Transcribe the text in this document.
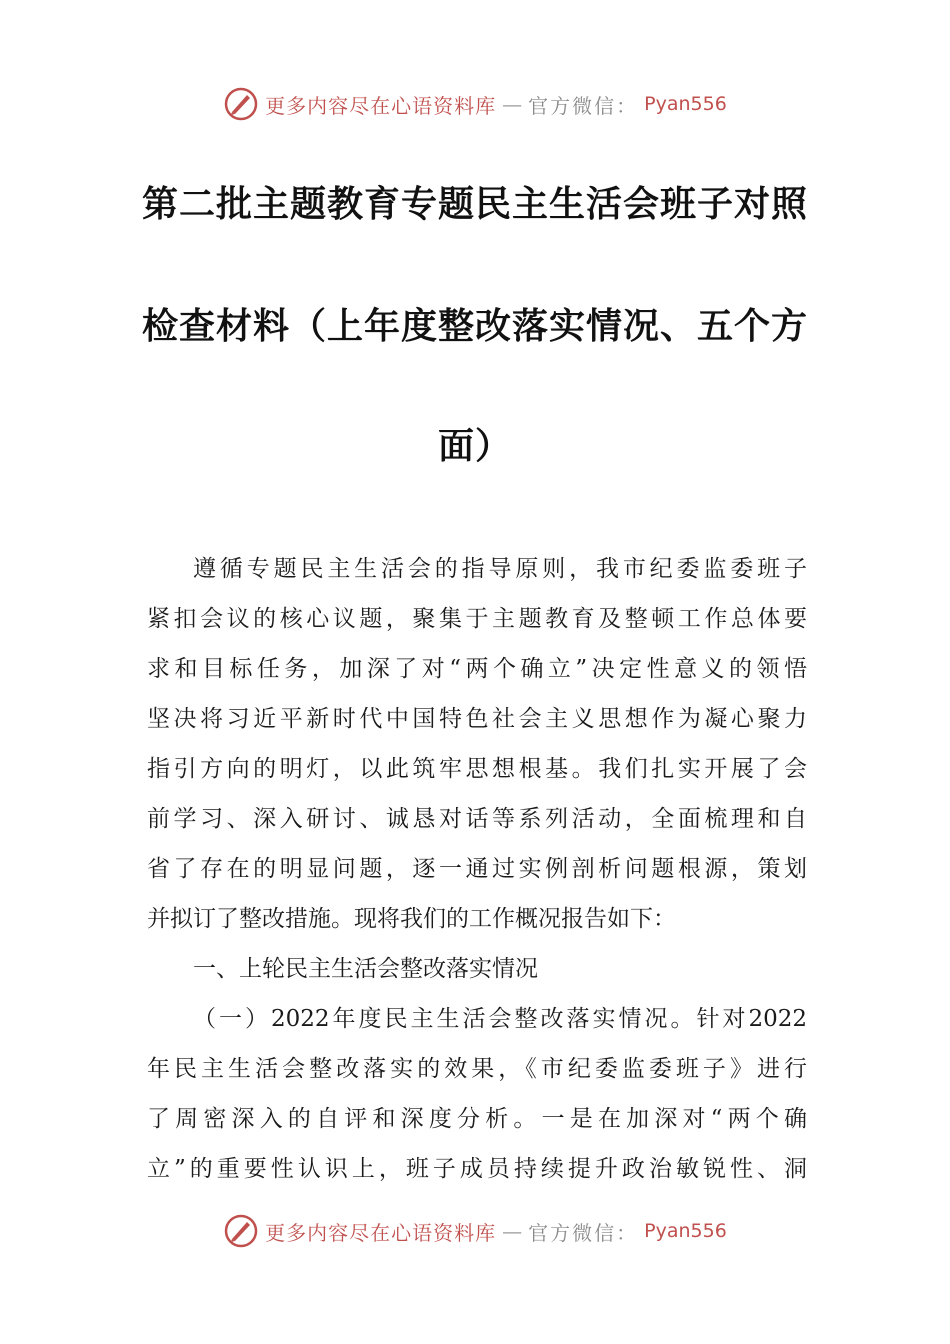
更多内容尽在心语资料库 — 官方微信： Pyan556
第二批主题教育专题民主生活会班子对照
检查材料（上年度整改落实情况、五个方
面）
遵循专题民主生活会的指导原则，我市纪委监委班子
紧扣会议的核心议题，聚集于主题教育及整顿工作总体要
求和目标任务，加深了对“两个确立”决定性意义的领悟
坚决将习近平新时代中国特色社会主义思想作为凝心聚力
指引方向的明灯，以此筑牢思想根基。我们扎实开展了会
前学习、深入研讨、诚恳对话等系列活动，全面梳理和自
省了存在的明显问题，逐一通过实例剖析问题根源，策划
并拟订了整改措施。现将我们的工作概况报告如下：
一、上轮民主生活会整改落实情况
（一）2022年度民主生活会整改落实情况。针对2022
年民主生活会整改落实的效果，《市纪委监委班子》进行
了周密深入的自评和深度分析。一是在加深对“两个确
立”的重要性认识上，班子成员持续提升政治敏锐性、洞
更多内容尽在心语资料库 — 官方微信： Pyan556
